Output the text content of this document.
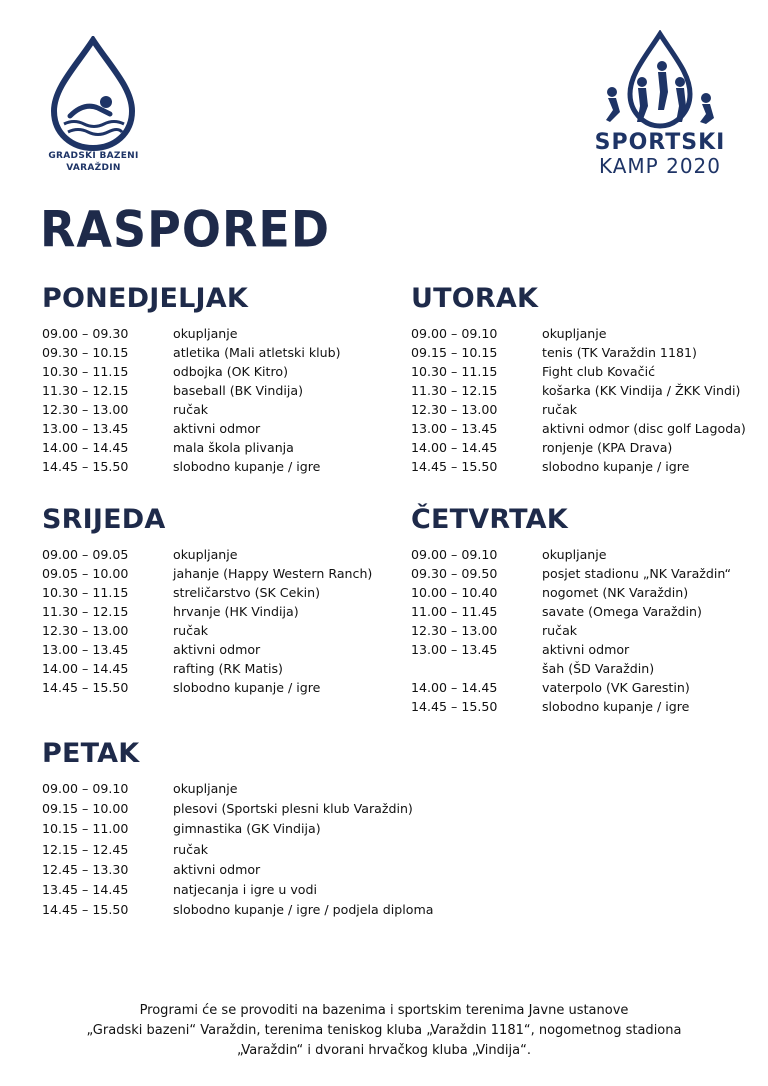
GRADSKI BAZENI
VARAŽDIN
SPORTSKI
KAMP 2020
RASPORED
PONEDJELJAK
09.00 – 09.30	okupljanje
09.30 – 10.15	atletika (Mali atletski klub)
10.30 – 11.15	odbojka (OK Kitro)
11.30 – 12.15	baseball (BK Vindija)
12.30 – 13.00	ručak
13.00 – 13.45	aktivni odmor
14.00 – 14.45	mala škola plivanja
14.45 – 15.50	slobodno kupanje / igre
UTORAK
09.00 – 09.10	okupljanje
09.15 – 10.15	tenis (TK Varaždin 1181)
10.30 – 11.15	Fight club Kovačić
11.30 – 12.15	košarka (KK Vindija / ŽKK Vindi)
12.30 – 13.00	ručak
13.00 – 13.45	aktivni odmor (disc golf Lagoda)
14.00 – 14.45	ronjenje (KPA Drava)
14.45 – 15.50	slobodno kupanje / igre
SRIJEDA
09.00 – 09.05	okupljanje
09.05 – 10.00	jahanje (Happy Western Ranch)
10.30 – 11.15	streličarstvo (SK Cekin)
11.30 – 12.15	hrvanje (HK Vindija)
12.30 – 13.00	ručak
13.00 – 13.45	aktivni odmor
14.00 – 14.45	rafting (RK Matis)
14.45 – 15.50	slobodno kupanje / igre
ČETVRTAK
09.00 – 09.10	okupljanje
09.30 – 09.50	posjet stadionu „NK Varaždin“
10.00 – 10.40	nogomet (NK Varaždin)
11.00 – 11.45	savate (Omega Varaždin)
12.30 – 13.00	ručak
13.00 – 13.45	aktivni odmor
šah (ŠD Varaždin)
14.00 – 14.45	vaterpolo (VK Garestin)
14.45 – 15.50	slobodno kupanje / igre
PETAK
09.00 – 09.10	okupljanje
09.15 – 10.00	plesovi (Sportski plesni klub Varaždin)
10.15 – 11.00	gimnastika (GK Vindija)
12.15 – 12.45	ručak
12.45 – 13.30	aktivni odmor
13.45 – 14.45	natjecanja i igre u vodi
14.45 – 15.50	slobodno kupanje / igre / podjela diploma

Programi će se provoditi na bazenima i sportskim terenima Javne ustanove

„Gradski bazeni“ Varaždin, terenima teniskog kluba „Varaždin 1181“, nogometnog stadiona

„Varaždin“ i dvorani hrvačkog kluba „Vindija“.
